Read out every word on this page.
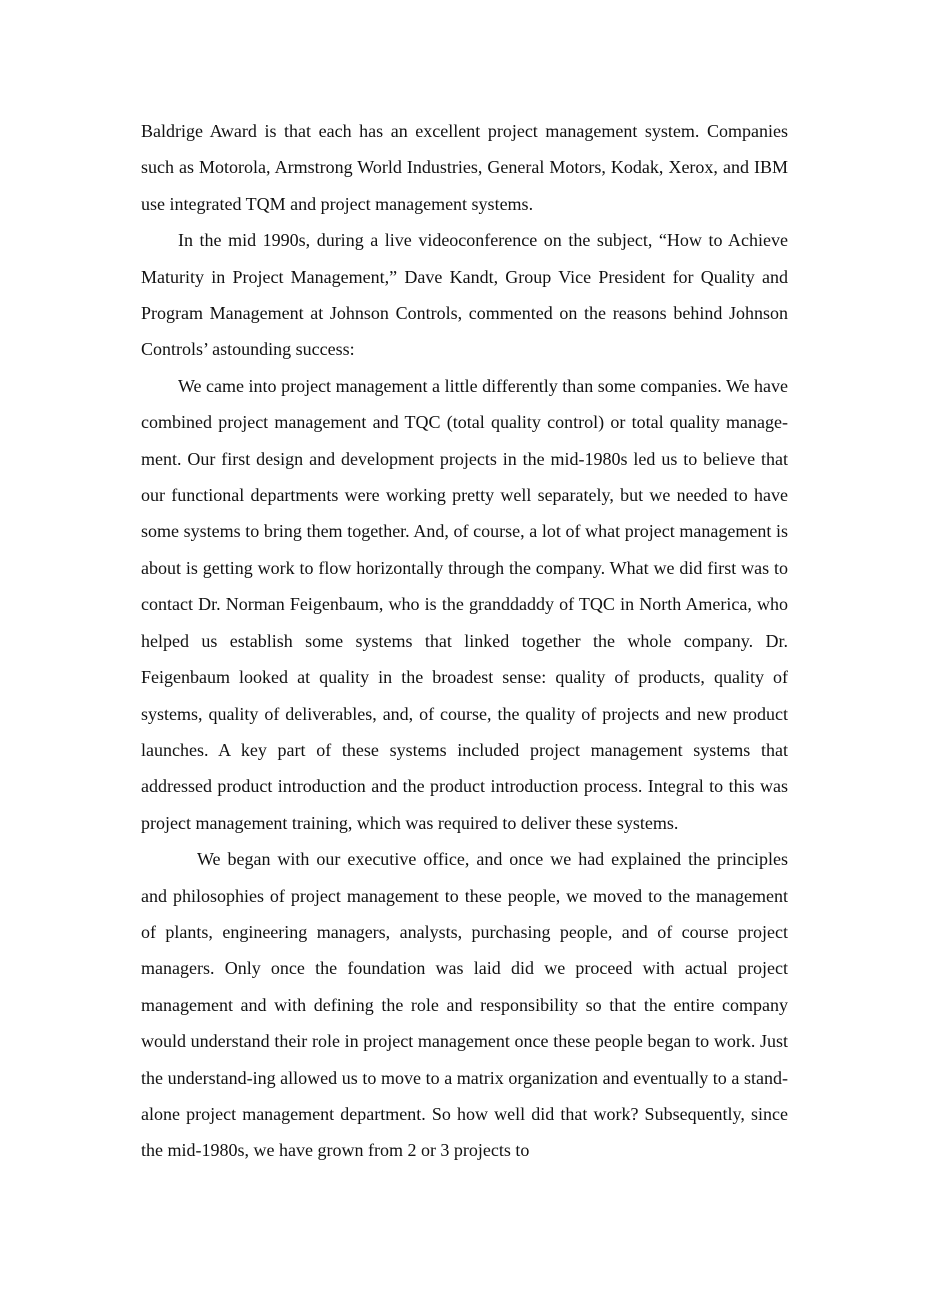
Baldrige Award is that each has an excellent project management system. Companies such as Motorola, Armstrong World Industries, General Motors, Kodak, Xerox, and IBM use integrated TQM and project management systems.

In the mid 1990s, during a live videoconference on the subject, “How to Achieve Maturity in Project Management,” Dave Kandt, Group Vice President for Quality and Program Management at Johnson Controls, commented on the reasons behind Johnson Controls’ astounding success:

We came into project management a little differently than some companies. We have combined project management and TQC (total quality control) or total quality manage-ment. Our first design and development projects in the mid-1980s led us to believe that our functional departments were working pretty well separately, but we needed to have some systems to bring them together. And, of course, a lot of what project management is about is getting work to flow horizontally through the company. What we did first was to contact Dr. Norman Feigenbaum, who is the granddaddy of TQC in North America, who helped us establish some systems that linked together the whole company. Dr. Feigenbaum looked at quality in the broadest sense: quality of products, quality of systems, quality of deliverables, and, of course, the quality of projects and new product launches. A key part of these systems included project management systems that addressed product introduction and the product introduction process. Integral to this was project management training, which was required to deliver these systems.

We began with our executive office, and once we had explained the principles and philosophies of project management to these people, we moved to the management of plants, engineering managers, analysts, purchasing people, and of course project managers. Only once the foundation was laid did we proceed with actual project management and with defining the role and responsibility so that the entire company would understand their role in project management once these people began to work. Just the understand-ing allowed us to move to a matrix organization and eventually to a stand-alone project management department. So how well did that work? Subsequently, since the mid-1980s, we have grown from 2 or 3 projects to
